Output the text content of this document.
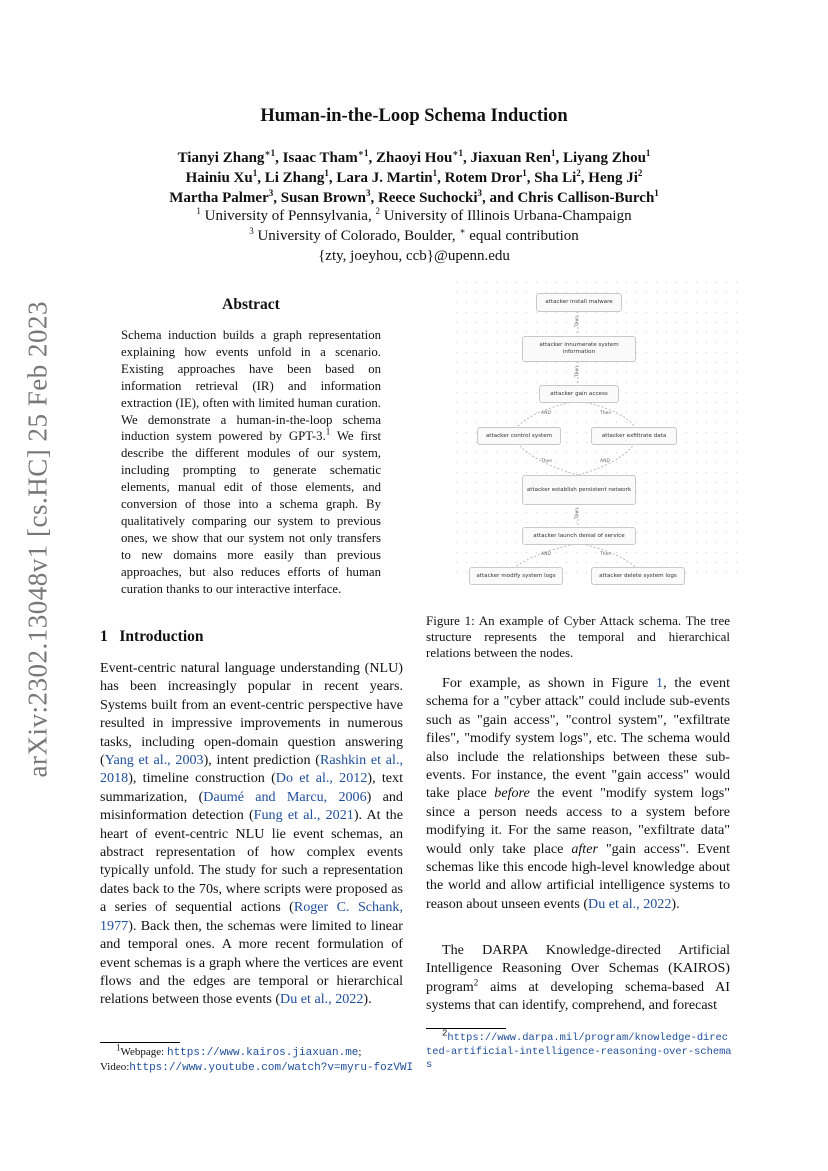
arXiv:2302.13048v1 [cs.HC] 25 Feb 2023
Human-in-the-Loop Schema Induction
Tianyi Zhang$^{∗1}$, Isaac Tham$^{∗1}$, Zhaoyi Hou$^{∗1}$, Jiaxuan Ren$^1$, Liyang Zhou$^1$
Hainiu Xu$^1$, Li Zhang$^1$, Lara J. Martin$^1$, Rotem Dror$^1$, Sha Li$^2$, Heng Ji$^2$
Martha Palmer$^3$, Susan Brown$^3$, Reece Suchocki$^3$, and Chris Callison-Burch$^1$
$^1$ University of Pennsylvania, $^2$ University of Illinois Urbana-Champaign
$^3$ University of Colorado, Boulder, ∗ equal contribution
{zty, joeyhou, ccb}@upenn.edu
Abstract
Schema induction builds a graph representation explaining how events unfold in a scenario. Existing approaches have been based on information retrieval (IR) and information extraction (IE), often with limited human curation. We demonstrate a human-in-the-loop schema induction system powered by GPT-3.$^1$ We first describe the different modules of our system, including prompting to generate schematic elements, manual edit of those elements, and conversion of those into a schema graph. By qualitatively comparing our system to previous ones, we show that our system not only transfers to new domains more easily than previous approaches, but also reduces efforts of human curation thanks to our interactive interface.
1 Introduction
Event-centric natural language understanding (NLU) has been increasingly popular in recent years. Systems built from an event-centric perspective have resulted in impressive improvements in numerous tasks, including open-domain question answering (Yang et al., 2003), intent prediction (Rashkin et al., 2018), timeline construction (Do et al., 2012), text summarization, (Daumé and Marcu, 2006) and misinformation detection (Fung et al., 2021). At the heart of event-centric NLU lie event schemas, an abstract representation of how complex events typically unfold. The study for such a representation dates back to the 70s, where scripts were proposed as a series of sequential actions (Roger C. Schank, 1977). Back then, the schemas were limited to linear and temporal ones. A more recent formulation of event schemas is a graph where the vertices are event flows and the edges are temporal or hierarchical relations between those events (Du et al., 2022).
$^1$Webpage: https://www.kairos.jiaxuan.me;
Video:https://www.youtube.com/watch?v=myru-fozVWI
attacker install malware
Then
attacker innumerate system information
Then
attacker gain access
AND	Then
attacker control system	attacker exfiltrate data
Then	AND
attacker establish persistent network
Then
attacker launch denial of service
AND	Then
attacker modify system logs	attacker delete system logs
Figure 1: An example of Cyber Attack schema. The tree structure represents the temporal and hierarchical relations between the nodes.
For example, as shown in Figure 1, the event schema for a "cyber attack" could include sub-events such as "gain access", "control system", "exfiltrate files", "modify system logs", etc. The schema would also include the relationships between these sub-events. For instance, the event "gain access" would take place before the event "modify system logs" since a person needs access to a system before modifying it. For the same reason, "exfiltrate data" would only take place after "gain access". Event schemas like this encode high-level knowledge about the world and allow artificial intelligence systems to reason about unseen events (Du et al., 2022).
The DARPA Knowledge-directed Artificial Intelligence Reasoning Over Schemas (KAIROS) program$^2$ aims at developing schema-based AI systems that can identify, comprehend, and forecast
$^2$https://www.darpa.mil/program/knowledge-directed-artificial-intelligence-reasoning-over-schemas
